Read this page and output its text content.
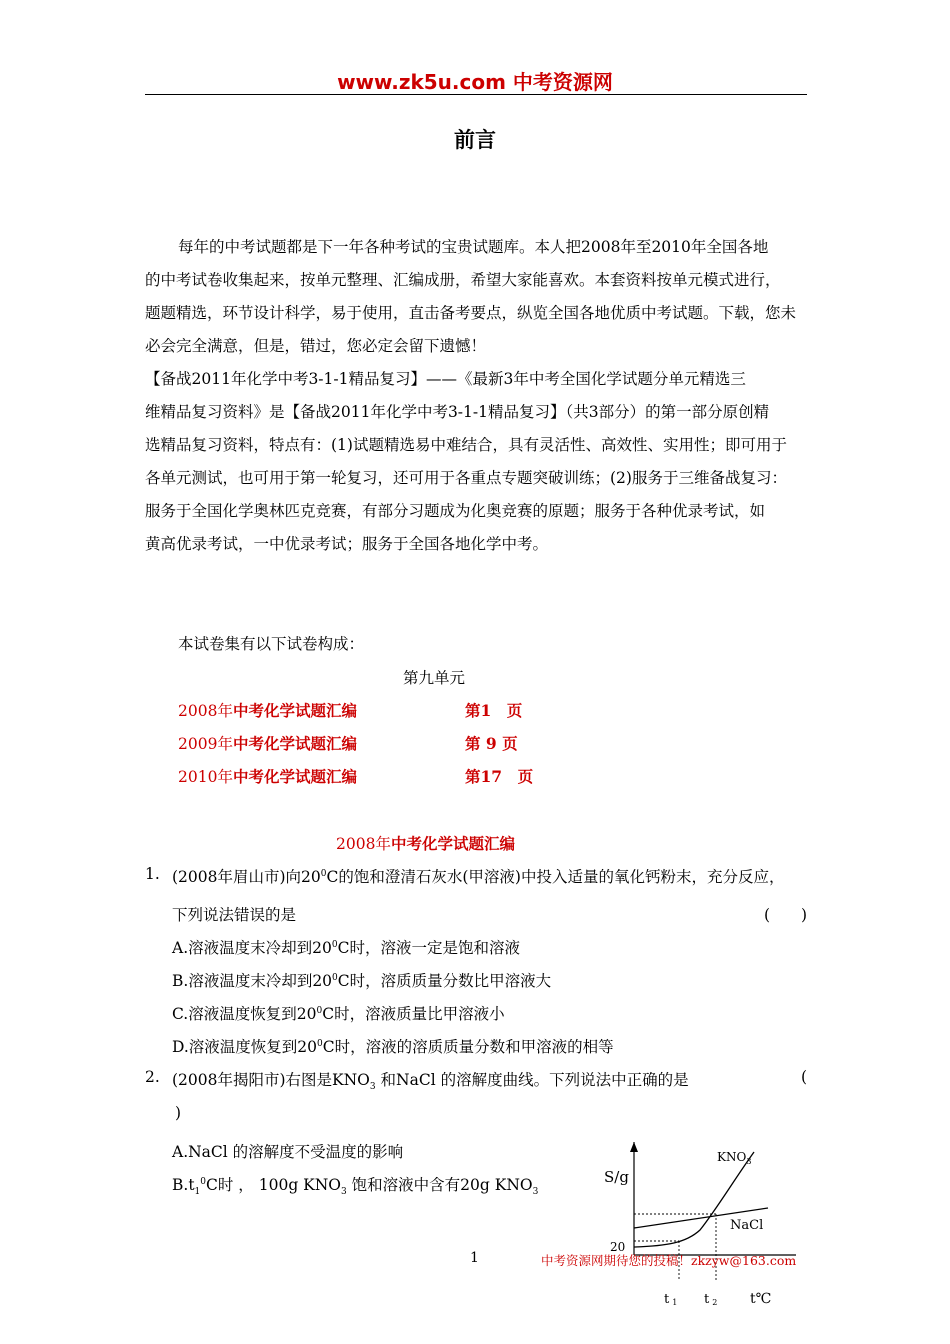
www.zk5u.com 中考资源网
前言
每年的中考试题都是下一年各种考试的宝贵试题库。本人把2008年至2010年全国各地
的中考试卷收集起来，按单元整理、汇编成册，希望大家能喜欢。本套资料按单元模式进行，
题题精选，环节设计科学，易于使用，直击备考要点，纵览全国各地优质中考试题。下载，您未
必会完全满意，但是，错过，您必定会留下遗憾！
【备战2011年化学中考3-1-1精品复习】——《最新3年中考全国化学试题分单元精选三
维精品复习资料》是【备战2011年化学中考3-1-1精品复习】（共3部分）的第一部分原创精
选精品复习资料，特点有：(1)试题精选易中难结合，具有灵活性、高效性、实用性；即可用于
各单元测试，也可用于第一轮复习，还可用于各重点专题突破训练；(2)服务于三维备战复习：
服务于全国化学奥林匹克竞赛，有部分习题成为化奥竞赛的原题；服务于各种优录考试，如
黄高优录考试，一中优录考试；服务于全国各地化学中考。
本试卷集有以下试卷构成：
第九单元
2008年中考化学试题汇编	第1　页
2009年中考化学试题汇编	第 9 页
2010年中考化学试题汇编	第17　页
2008年中考化学试题汇编
1. (2008年眉山市)向$20^0C$的饱和澄清石灰水(甲溶液)中投入适量的氧化钙粉末，充分反应，
下列说法错误的是	(　　)
A.溶液温度末冷却到$20^0C$时，溶液一定是饱和溶液
B.溶液温度末冷却到$20^0C$时，溶质质量分数比甲溶液大
C.溶液温度恢复到$20^0C$时，溶液质量比甲溶液小
D.溶液温度恢复到$20^0C$时，溶液的溶质质量分数和甲溶液的相等
2. (2008年揭阳市)右图是$KNO_3$ 和NaCl 的溶解度曲线。下列说法中正确的是	(
)
A.NaCl 的溶解度不受温度的影响
$B.t_1^0C$时 ， 100g $KNO_3$ 饱和溶液中含有20g $KNO_3$
S/g
t℃
$KNO_3$
NaCl
20
t 1 t 2
1	中考资源网期待您的投稿！zkzyw@163.com
